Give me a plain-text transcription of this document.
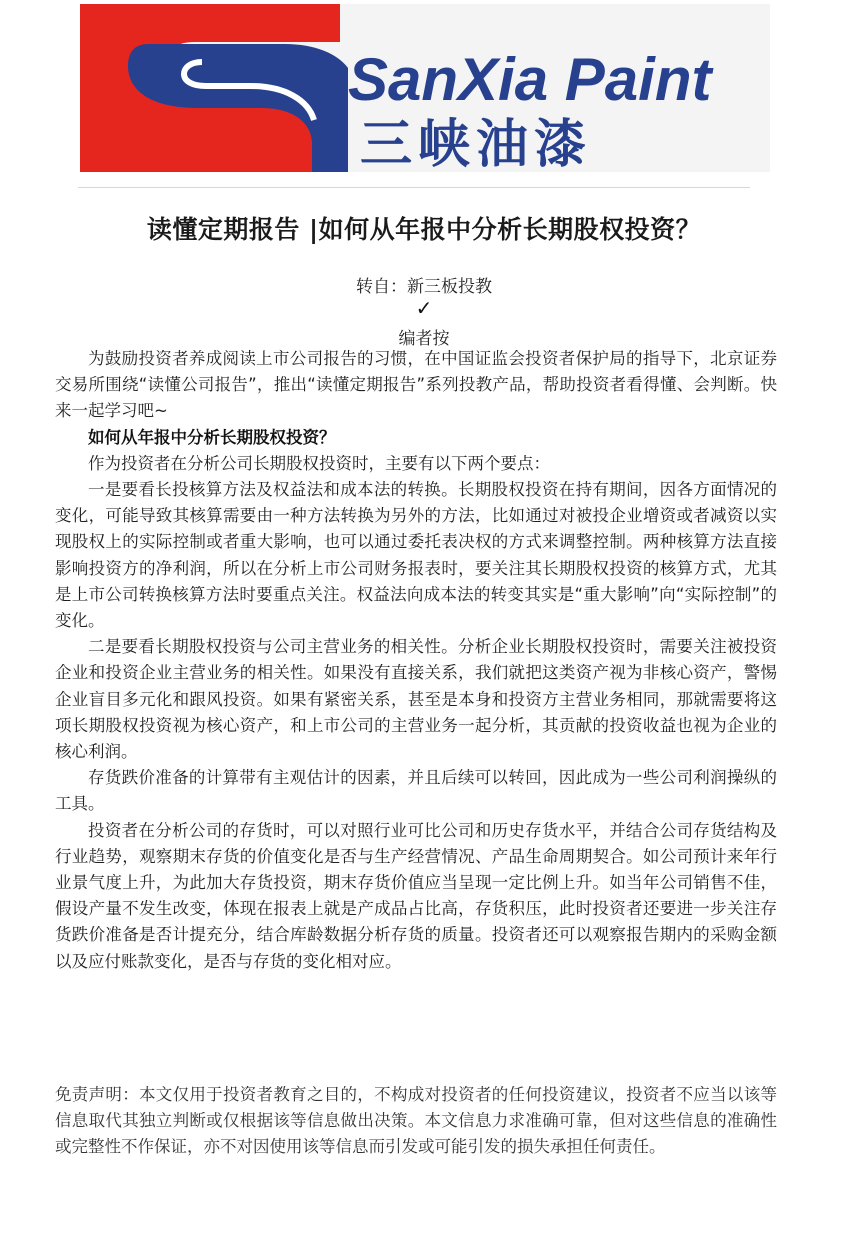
SanXia Paint
三峡油漆
读懂定期报告 |如何从年报中分析长期股权投资？
转自：新三板投教
✓
编者按

为鼓励投资者养成阅读上市公司报告的习惯，在中国证监会投资者保护局的指导下，北京证券交易所围绕“读懂公司报告”，推出“读懂定期报告”系列投教产品，帮助投资者看得懂、会判断。快来一起学习吧~

如何从年报中分析长期股权投资？

作为投资者在分析公司长期股权投资时，主要有以下两个要点：

一是要看长投核算方法及权益法和成本法的转换。长期股权投资在持有期间，因各方面情况的变化，可能导致其核算需要由一种方法转换为另外的方法，比如通过对被投企业增资或者减资以实现股权上的实际控制或者重大影响，也可以通过委托表决权的方式来调整控制。两种核算方法直接影响投资方的净利润，所以在分析上市公司财务报表时，要关注其长期股权投资的核算方式，尤其是上市公司转换核算方法时要重点关注。权益法向成本法的转变其实是“重大影响”向“实际控制”的变化。

二是要看长期股权投资与公司主营业务的相关性。分析企业长期股权投资时，需要关注被投资企业和投资企业主营业务的相关性。如果没有直接关系，我们就把这类资产视为非核心资产，警惕企业盲目多元化和跟风投资。如果有紧密关系，甚至是本身和投资方主营业务相同，那就需要将这项长期股权投资视为核心资产，和上市公司的主营业务一起分析，其贡献的投资收益也视为企业的核心利润。

存货跌价准备的计算带有主观估计的因素，并且后续可以转回，因此成为一些公司利润操纵的工具。

投资者在分析公司的存货时，可以对照行业可比公司和历史存货水平，并结合公司存货结构及行业趋势，观察期末存货的价值变化是否与生产经营情况、产品生命周期契合。如公司预计来年行业景气度上升，为此加大存货投资，期末存货价值应当呈现一定比例上升。如当年公司销售不佳，假设产量不发生改变，体现在报表上就是产成品占比高，存货积压，此时投资者还要进一步关注存货跌价准备是否计提充分，结合库龄数据分析存货的质量。投资者还可以观察报告期内的采购金额以及应付账款变化，是否与存货的变化相对应。

免责声明：本文仅用于投资者教育之目的，不构成对投资者的任何投资建议，投资者不应当以该等信息取代其独立判断或仅根据该等信息做出决策。本文信息力求准确可靠，但对这些信息的准确性或完整性不作保证，亦不对因使用该等信息而引发或可能引发的损失承担任何责任。
